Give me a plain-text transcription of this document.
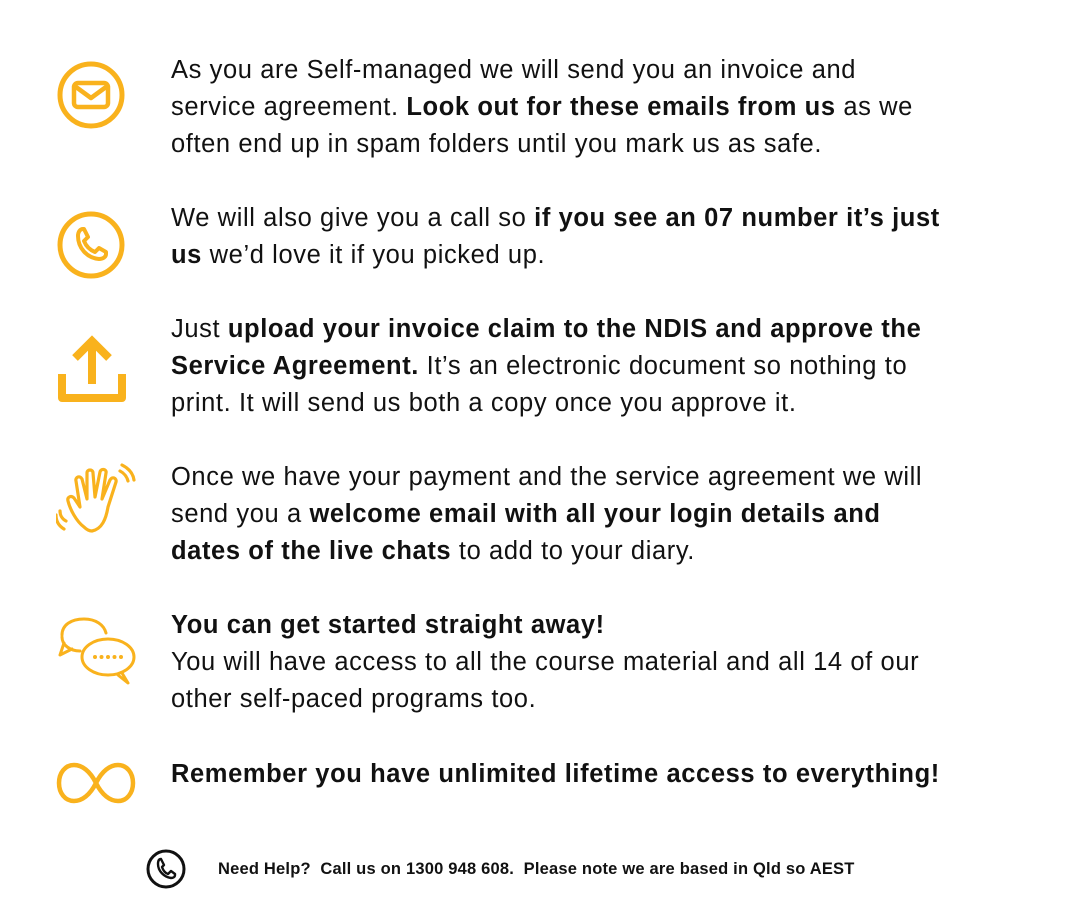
As you are Self-managed we will send you an invoice and
service agreement. Look out for these emails from us as we
often end up in spam folders until you mark us as safe.

We will also give you a call so if you see an 07 number it’s just
us we’d love it if you picked up.

Just upload your invoice claim to the NDIS and approve the
Service Agreement. It’s an electronic document so nothing to
print. It will send us both a copy once you approve it.

Once we have your payment and the service agreement we will
send you a welcome email with all your login details and
dates of the live chats to add to your diary.

You can get started straight away!
You will have access to all the course material and all 14 of our
other self-paced programs too.

Remember you have unlimited lifetime access to everything!

Need Help?  Call us on 1300 948 608.  Please note we are based in Qld so AEST
